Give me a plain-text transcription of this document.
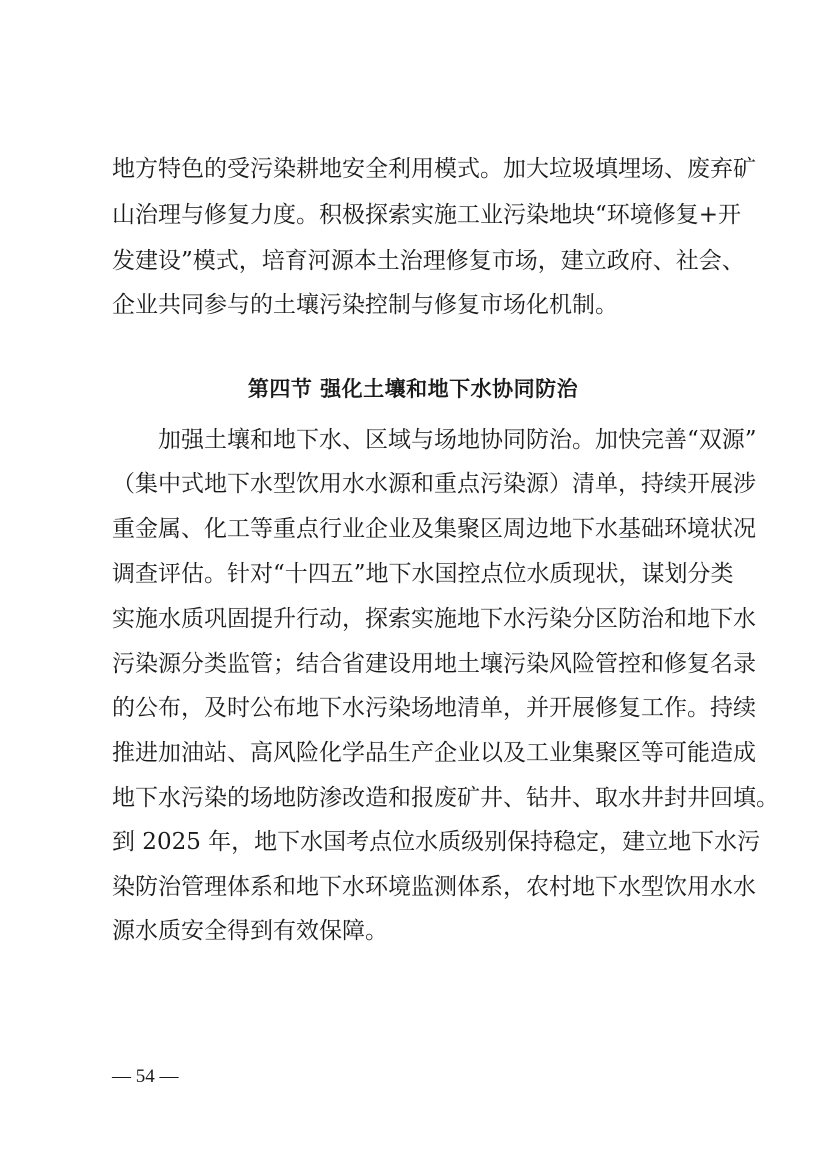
地方特色的受污染耕地安全利用模式。加大垃圾填埋场、废弃矿
山治理与修复力度。积极探索实施工业污染地块“环境修复+开
发建设”模式，培育河源本土治理修复市场，建立政府、社会、
企业共同参与的土壤污染控制与修复市场化机制。
第四节 强化土壤和地下水协同防治
　　加强土壤和地下水、区域与场地协同防治。加快完善“双源”
（集中式地下水型饮用水水源和重点污染源）清单，持续开展涉
重金属、化工等重点行业企业及集聚区周边地下水基础环境状况
调查评估。针对“十四五”地下水国控点位水质现状，谋划分类
实施水质巩固提升行动，探索实施地下水污染分区防治和地下水
污染源分类监管；结合省建设用地土壤污染风险管控和修复名录
的公布，及时公布地下水污染场地清单，并开展修复工作。持续
推进加油站、高风险化学品生产企业以及工业集聚区等可能造成
地下水污染的场地防渗改造和报废矿井、钻井、取水井封井回填。
到 2025 年，地下水国考点位水质级别保持稳定，建立地下水污
染防治管理体系和地下水环境监测体系，农村地下水型饮用水水
源水质安全得到有效保障。
— 54 —
